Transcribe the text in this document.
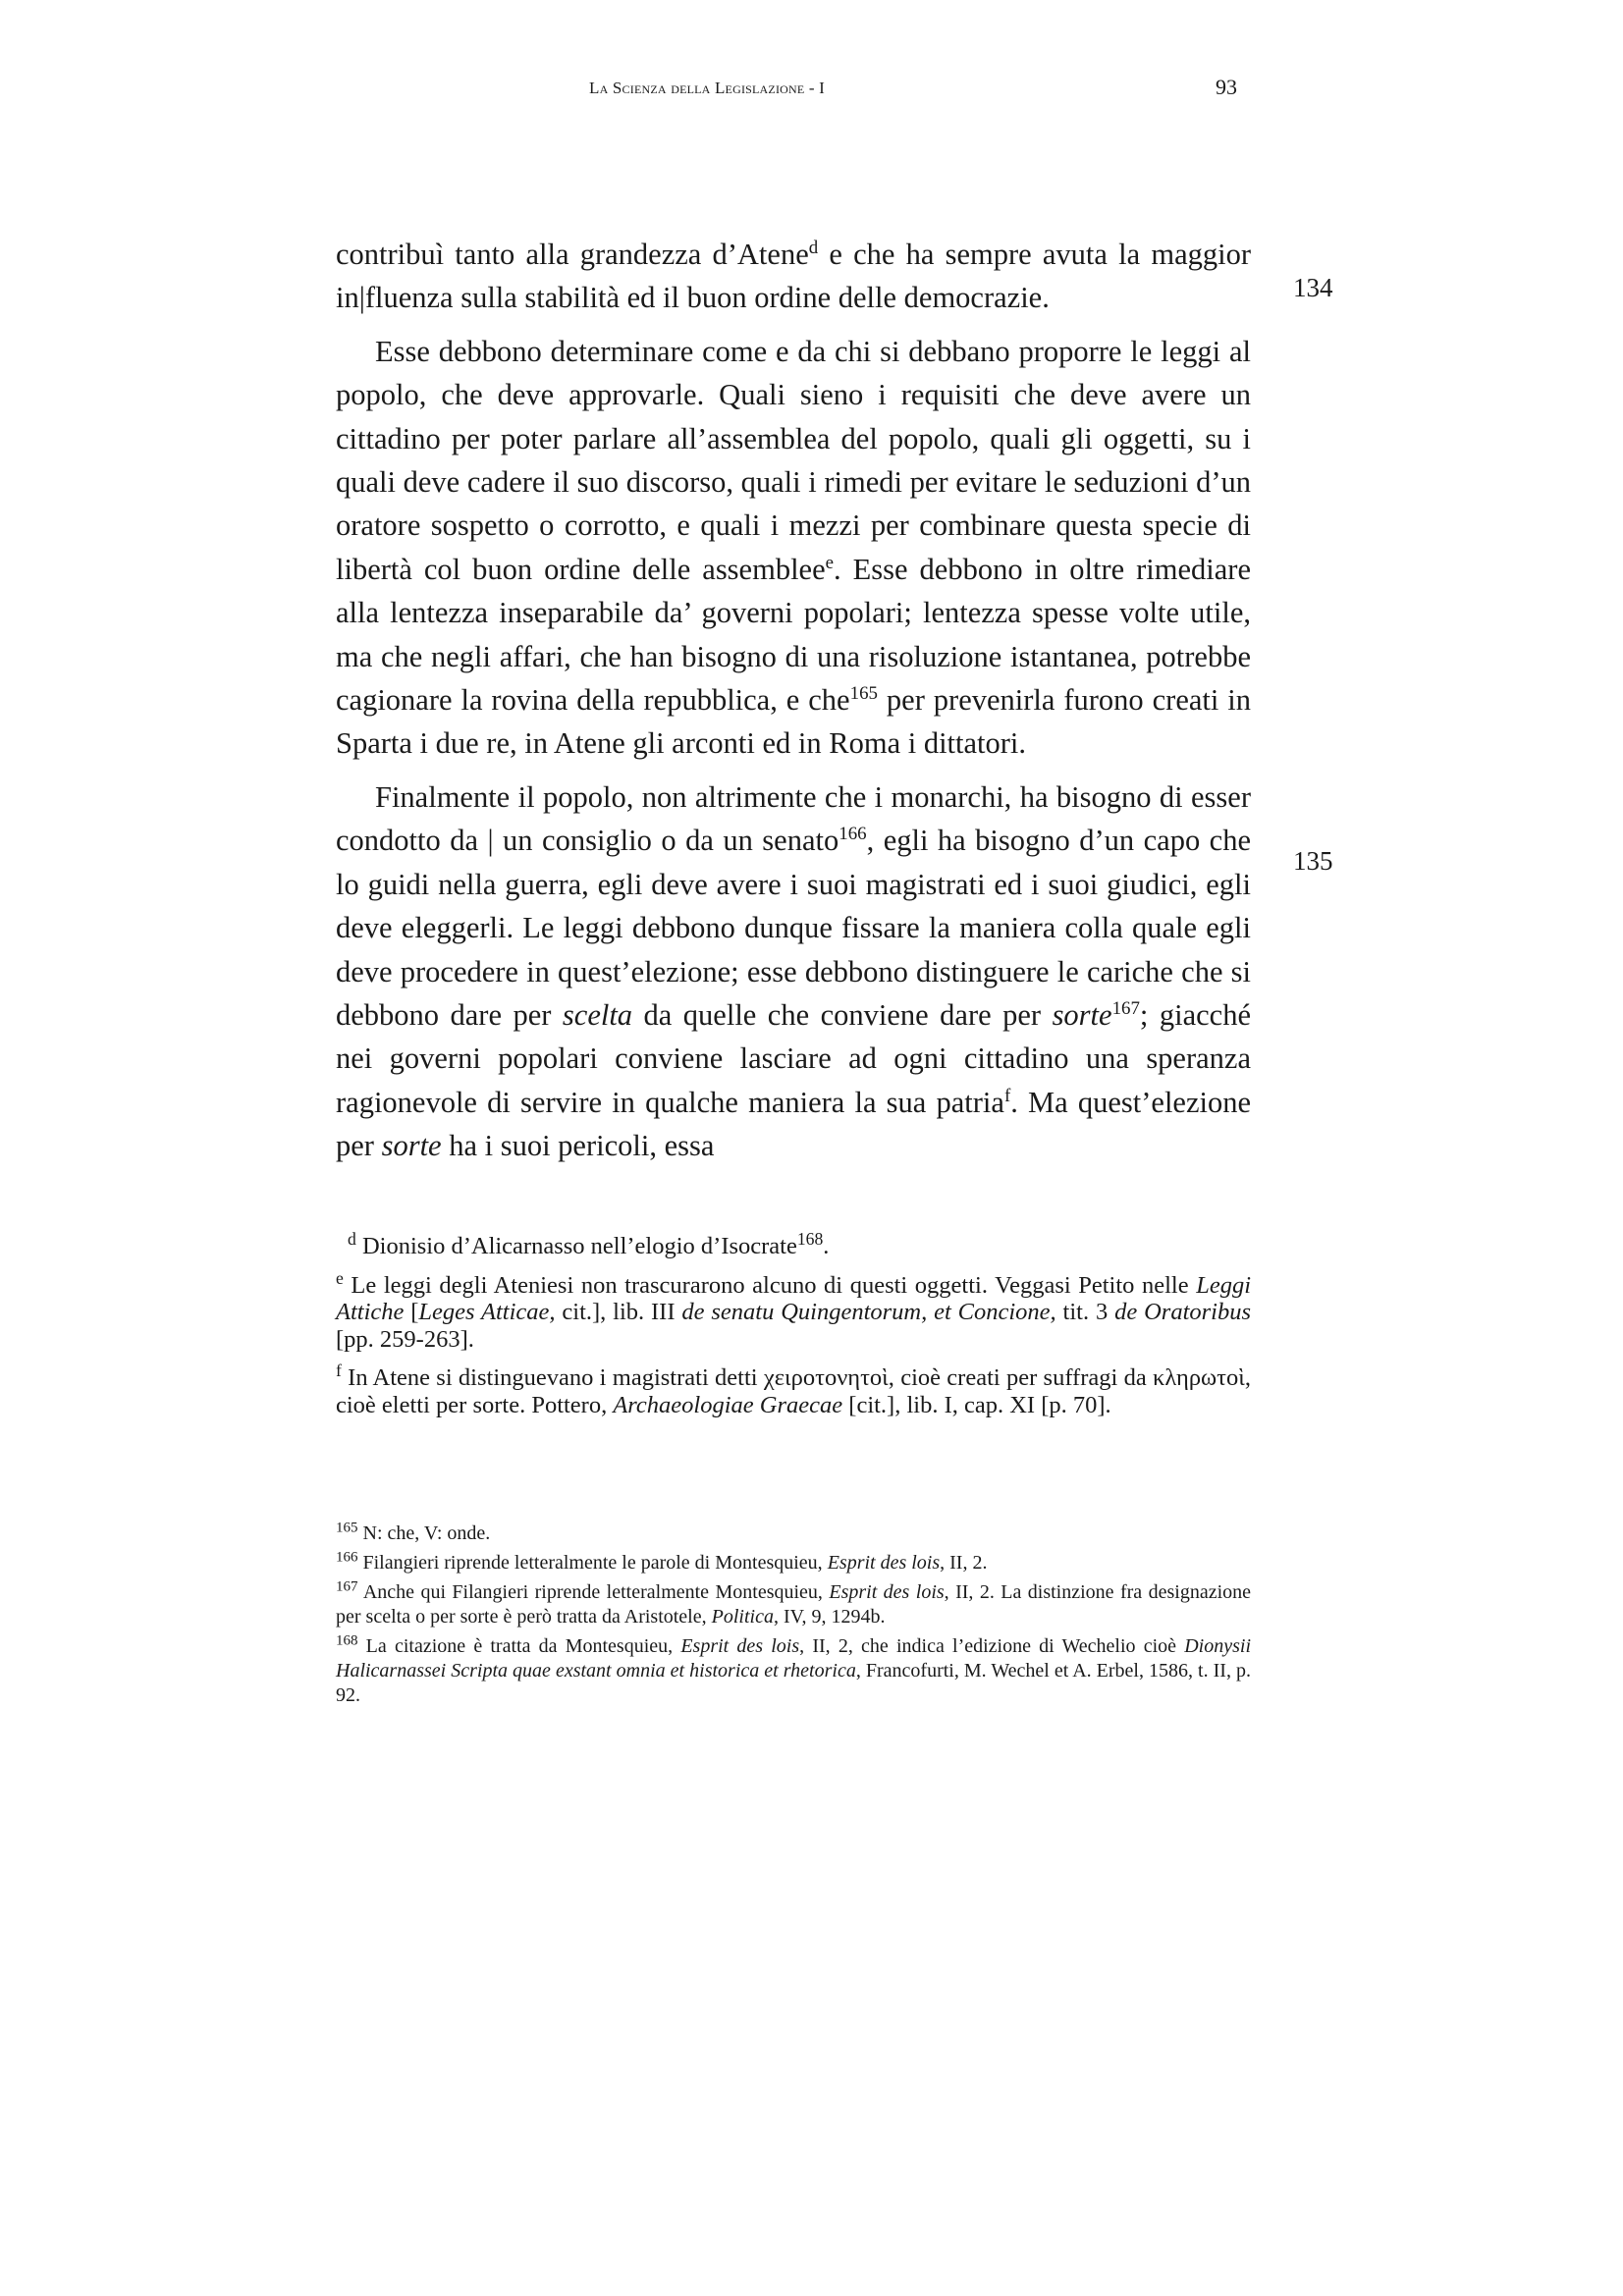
La Scienza della Legislazione - I	93
134
135

contribuì tanto alla grandezza d’Atene$^d$ e che ha sempre avuta la maggior in|fluenza sulla stabilità ed il buon ordine delle democrazie.

Esse debbono determinare come e da chi si debbano proporre le leggi al popolo, che deve approvarle. Quali sieno i requisiti che deve avere un cittadino per poter parlare all’assemblea del popolo, quali gli oggetti, su i quali deve cadere il suo discorso, quali i rimedi per evitare le seduzioni d’un oratore sospetto o corrotto, e quali i mezzi per combinare questa specie di libertà col buon ordine delle assemblee$^e$. Esse debbono in oltre rimediare alla lentezza inseparabile da’ governi popolari; lentezza spesse volte utile, ma che negli affari, che han bisogno di una risoluzione istantanea, potrebbe cagionare la rovina della repubblica, e che$^{165}$ per prevenirla furono creati in Sparta i due re, in Atene gli arconti ed in Roma i dittatori.

Finalmente il popolo, non altrimente che i monarchi, ha bisogno di esser condotto da | un consiglio o da un senato$^{166}$, egli ha bisogno d’un capo che lo guidi nella guerra, egli deve avere i suoi magistrati ed i suoi giudici, egli deve eleggerli. Le leggi debbono dunque fissare la maniera colla quale egli deve procedere in quest’elezione; esse debbono distinguere le cariche che si debbono dare per scelta da quelle che conviene dare per sorte$^{167}$; giacché nei governi popolari conviene lasciare ad ogni cittadino una speranza ragionevole di servire in qualche maniera la sua patria$^f$. Ma quest’elezione per sorte ha i suoi pericoli, essa

$^d$ Dionisio d’Alicarnasso nell’elogio d’Isocrate$^{168}$.

$^e$ Le leggi degli Ateniesi non trascurarono alcuno di questi oggetti. Veggasi Petito nelle Leggi Attiche [Leges Atticae, cit.], lib. III de senatu Quingentorum, et Concione, tit. 3 de Oratoribus [pp. 259-263].

$^f$ In Atene si distinguevano i magistrati detti χειροτονητοὶ, cioè creati per suffragi da κληρωτοὶ, cioè eletti per sorte. Pottero, Archaeologiae Graecae [cit.], lib. I, cap. XI [p. 70].

$^{165}$ N: che, V: onde.

$^{166}$ Filangieri riprende letteralmente le parole di Montesquieu, Esprit des lois, II, 2.

$^{167}$ Anche qui Filangieri riprende letteralmente Montesquieu, Esprit des lois, II, 2. La distinzione fra designazione per scelta o per sorte è però tratta da Aristotele, Politica, IV, 9, 1294b.

$^{168}$ La citazione è tratta da Montesquieu, Esprit des lois, II, 2, che indica l’edizione di Wechelio cioè Dionysii Halicarnassei Scripta quae exstant omnia et historica et rhetorica, Francofurti, M. Wechel et A. Erbel, 1586, t. II, p. 92.
